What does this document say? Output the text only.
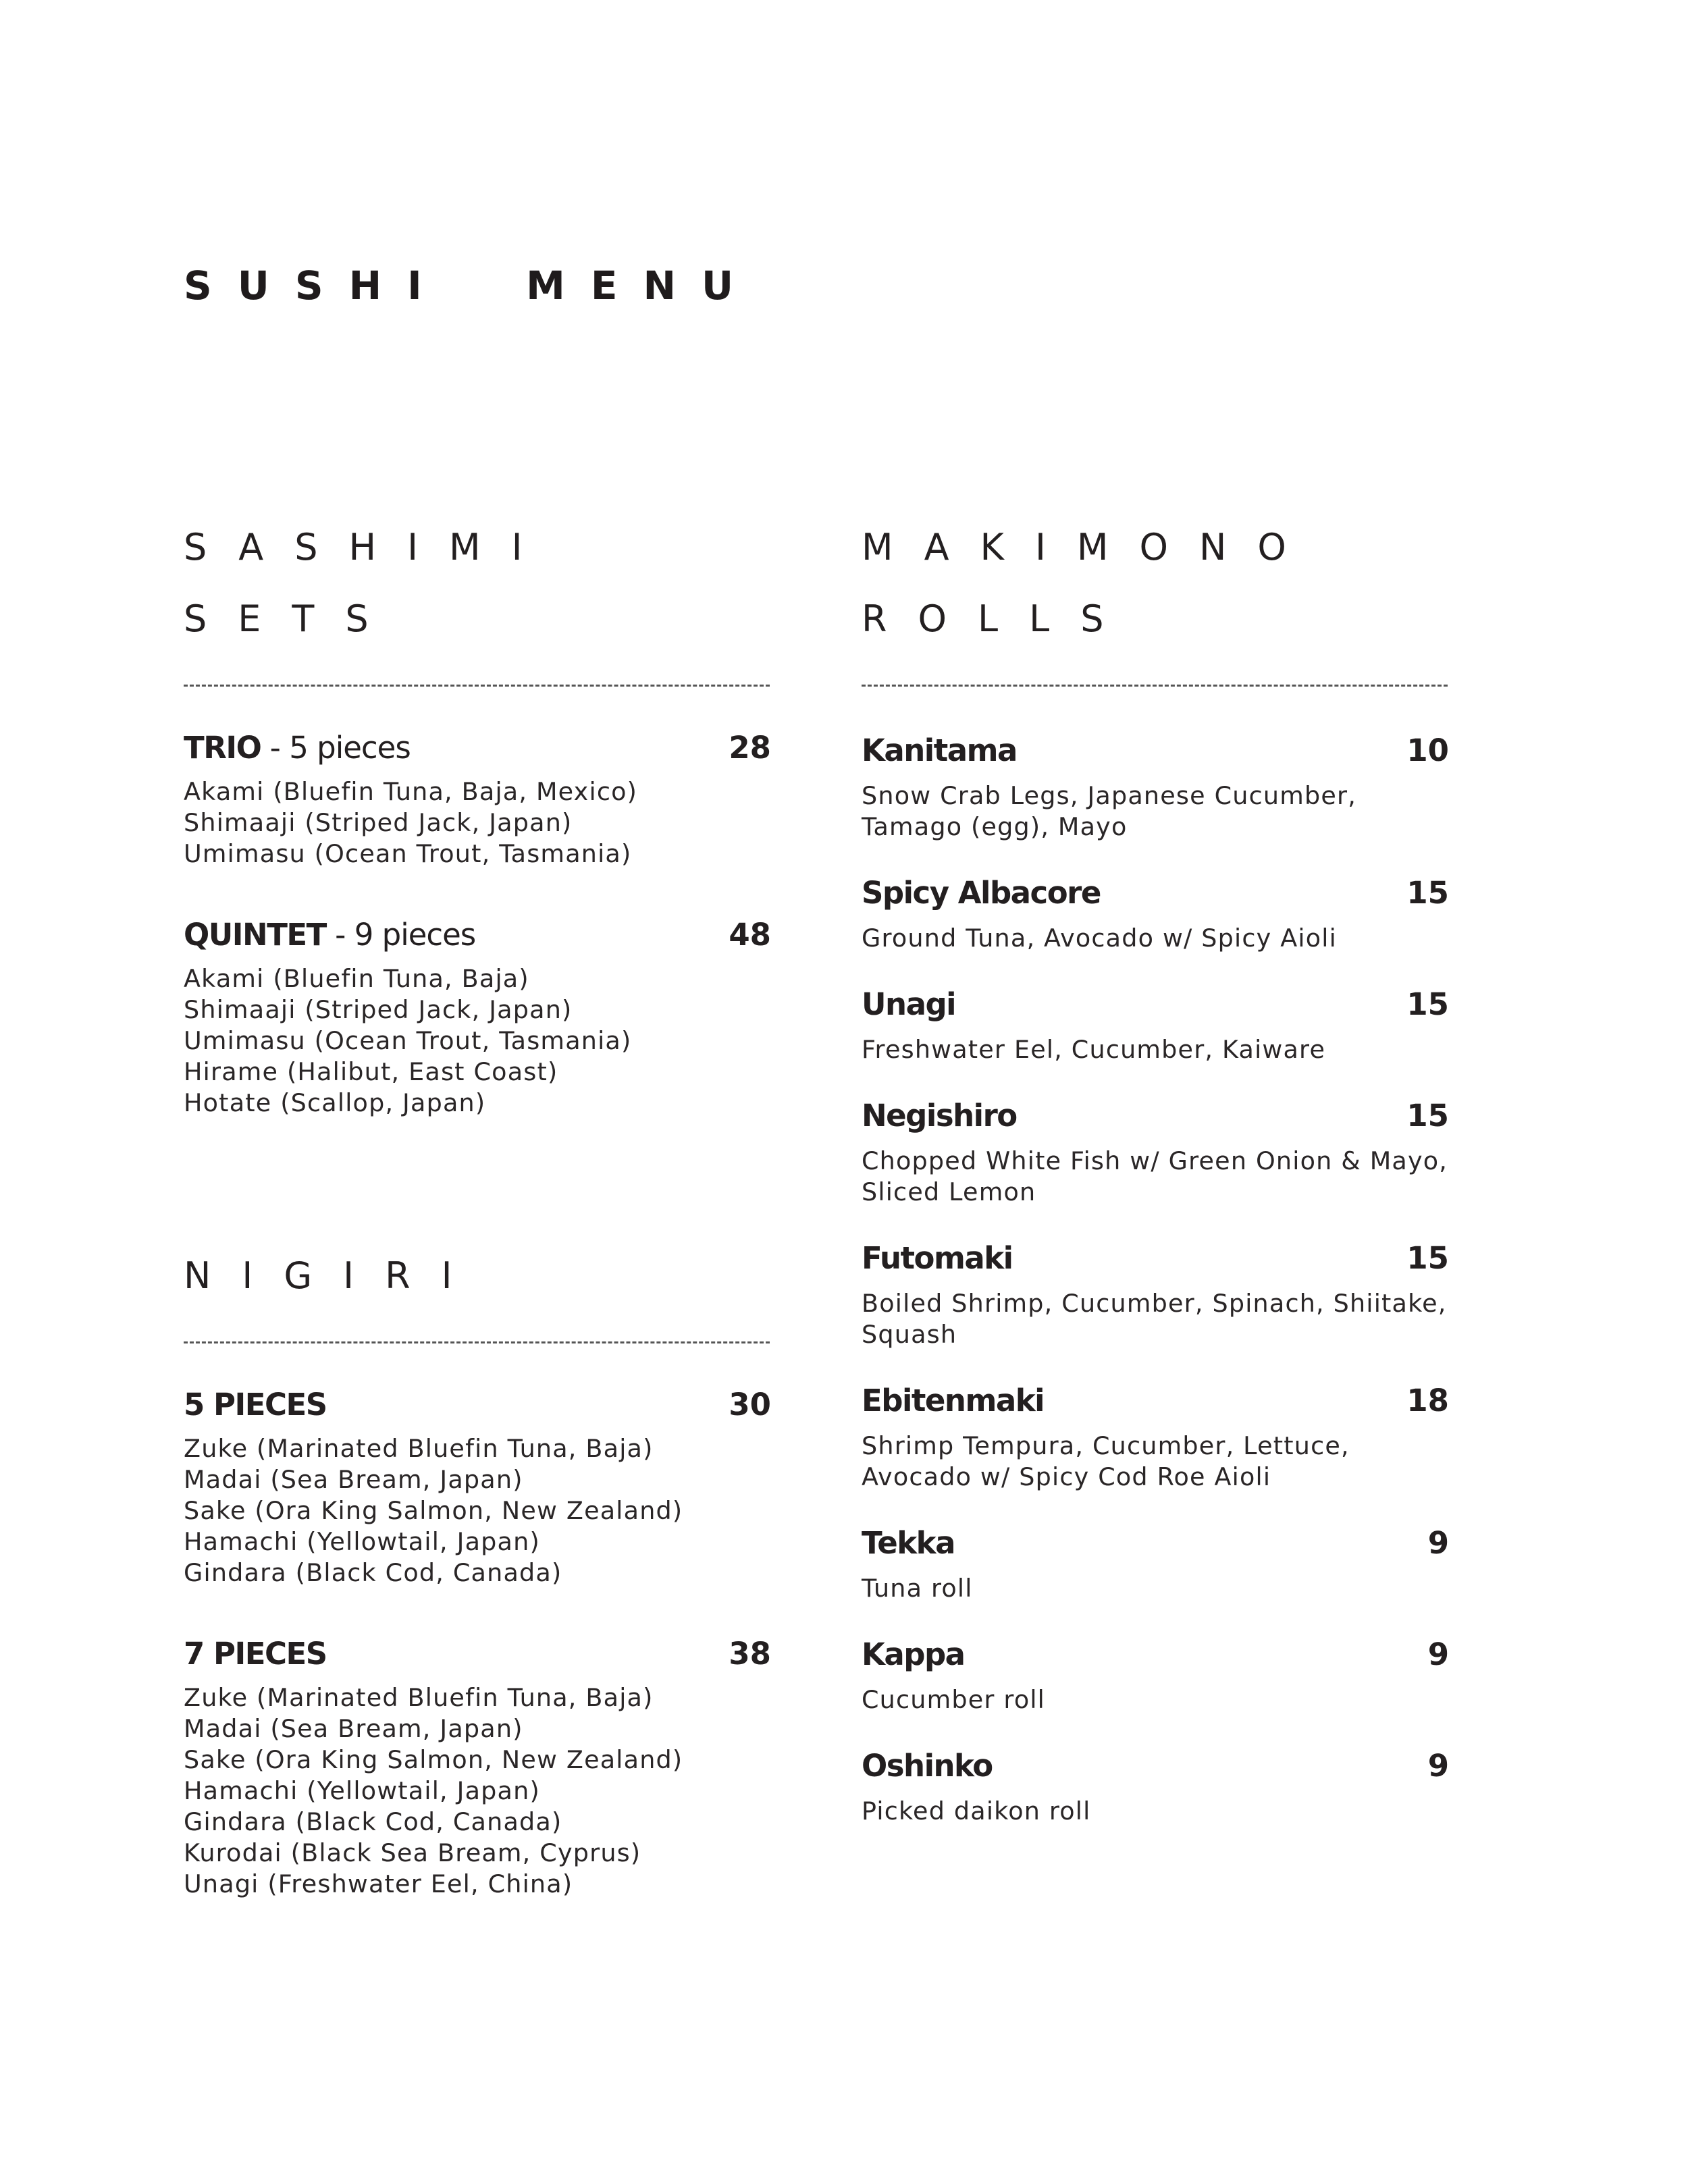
SUSHI  MENU
SASHIMI
SETS
TRIO - 5 pieces	28
Akami (Bluefin Tuna, Baja, Mexico)
Shimaaji (Striped Jack, Japan)
Umimasu (Ocean Trout, Tasmania)
QUINTET - 9 pieces	48
Akami (Bluefin Tuna, Baja)
Shimaaji (Striped Jack, Japan)
Umimasu (Ocean Trout, Tasmania)
Hirame (Halibut, East Coast)
Hotate (Scallop, Japan)
NIGIRI
5 PIECES	30
Zuke (Marinated Bluefin Tuna, Baja)
Madai (Sea Bream, Japan)
Sake (Ora King Salmon, New Zealand)
Hamachi (Yellowtail, Japan)
Gindara (Black Cod, Canada)
7 PIECES	38
Zuke (Marinated Bluefin Tuna, Baja)
Madai (Sea Bream, Japan)
Sake (Ora King Salmon, New Zealand)
Hamachi (Yellowtail, Japan)
Gindara (Black Cod, Canada)
Kurodai (Black Sea Bream, Cyprus)
Unagi (Freshwater Eel, China)
MAKIMONO
ROLLS
Kanitama	10
Snow Crab Legs, Japanese Cucumber,
Tamago (egg), Mayo
Spicy Albacore	15
Ground Tuna, Avocado w/ Spicy Aioli
Unagi	15
Freshwater Eel, Cucumber, Kaiware
Negishiro	15
Chopped White Fish w/ Green Onion & Mayo,
Sliced Lemon
Futomaki	15
Boiled Shrimp, Cucumber, Spinach, Shiitake,
Squash
Ebitenmaki	18
Shrimp Tempura, Cucumber, Lettuce,
Avocado w/ Spicy Cod Roe Aioli
Tekka	9
Tuna roll
Kappa	9
Cucumber roll
Oshinko	9
Picked daikon roll
